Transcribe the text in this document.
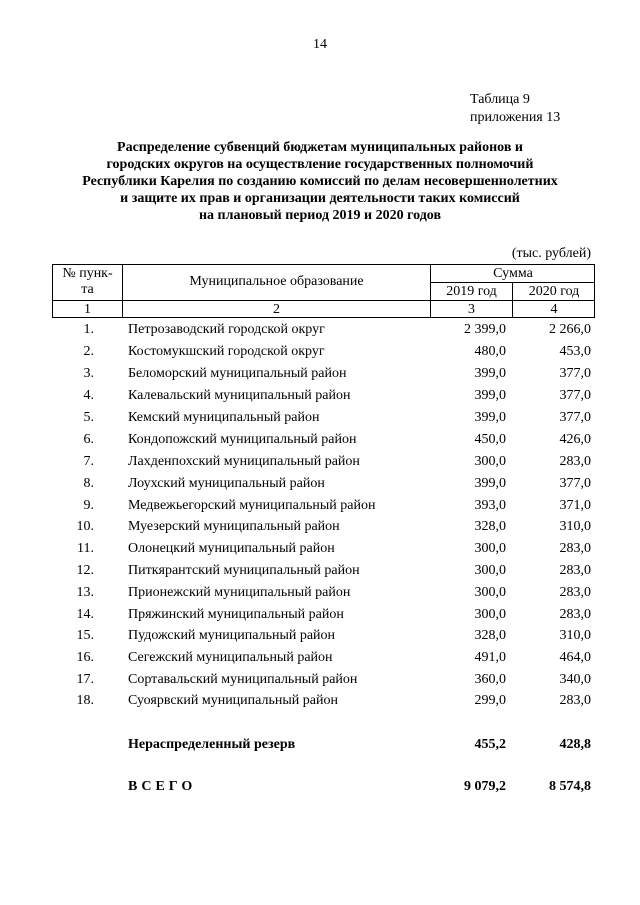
14
Таблица 9
приложения 13
Распределение субвенций бюджетам муниципальных районов и
городских округов на осуществление государственных полномочий
Республики Карелия по созданию комиссий по делам несовершеннолетних
и защите их прав и организации деятельности таких комиссий
на плановый период 2019 и 2020 годов
(тыс. рублей)
№ пунк-
та
Муниципальное образование
Сумма
2019 год	2020 год
1	2	3	4
1. Петрозаводский городской округ	2 399,0	2 266,0
2. Костомукшский городской округ	480,0	453,0
3. Беломорский муниципальный район	399,0	377,0
4. Калевальский муниципальный район	399,0	377,0
5. Кемский муниципальный район	399,0	377,0
6. Кондопожский муниципальный район	450,0	426,0
7. Лахденпохский муниципальный район	300,0	283,0
8. Лоухский муниципальный район	399,0	377,0
9. Медвежьегорский муниципальный район	393,0	371,0
10. Муезерский муниципальный район	328,0	310,0
11. Олонецкий муниципальный район	300,0	283,0
12. Питкярантский муниципальный район	300,0	283,0
13. Прионежский муниципальный район	300,0	283,0
14. Пряжинский муниципальный район	300,0	283,0
15. Пудожский муниципальный район	328,0	310,0
16. Сегежский муниципальный район	491,0	464,0
17. Сортавальский муниципальный район	360,0	340,0
18. Суоярвский муниципальный район	299,0	283,0
Нераспределенный резерв	455,2	428,8
ВСЕГО	9 079,2	8 574,8
